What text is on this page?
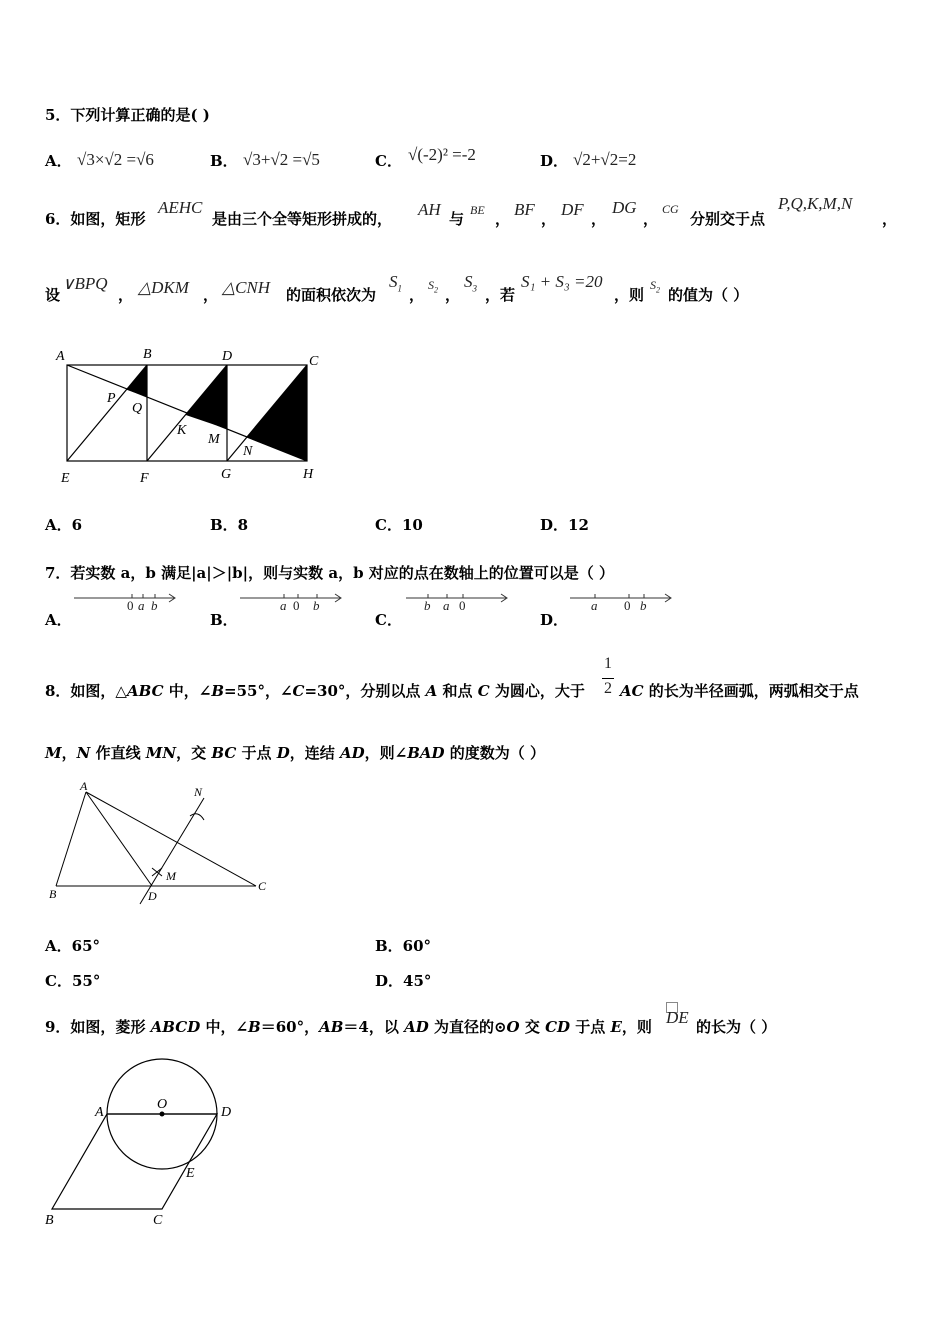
5．下列计算正确的是( )
A． √3×√2 =√6	B． √3+√2 =√5	C． √(-2)² =-2	D． √2+√2=2
6．如图，矩形
AEHC
是由三个全等矩形拼成的， AH 与 BE ， BF ， DF ，
DG
，
CG
分别交于点
P,Q,K,M,N
，
设
∨BPQ
， △DKM ， △CNH 的面积依次为
$S_1$ ，
$S_2$ ，
$S_3$ ，若
S₁ + S₃ =20
，则
$S_2$ 的值为（ ）
A	B	D	C
E	F	G	H
P
Q
K
M
N
A．6	B．8	C．10	D．12
7．若实数 a，b 满足|a|＞|b|，则与实数 a，b 对应的点在数轴上的位置可以是（ ）
A．
0 a b
B．
a 0 b
C．
b a 0
D．
a 0 b
8．如图，△ABC 中，∠B=55°，∠C=30°，分别以点 A 和点 C 为圆心，大于
1
2 AC 的长为半径画弧，两弧相交于点
M，N 作直线 MN，交 BC 于点 D，连结 AD，则∠BAD 的度数为（ ）
A
B
C
D
M
N
A．65°	B．60°
C．55°	D．45°
9．如图，菱形 ABCD 中，∠B＝60°，AB＝4，以 AD 为直径的⊙O 交 CD 于点 E，则 DE 的长为（ ）
O
A	D
E
B	C
